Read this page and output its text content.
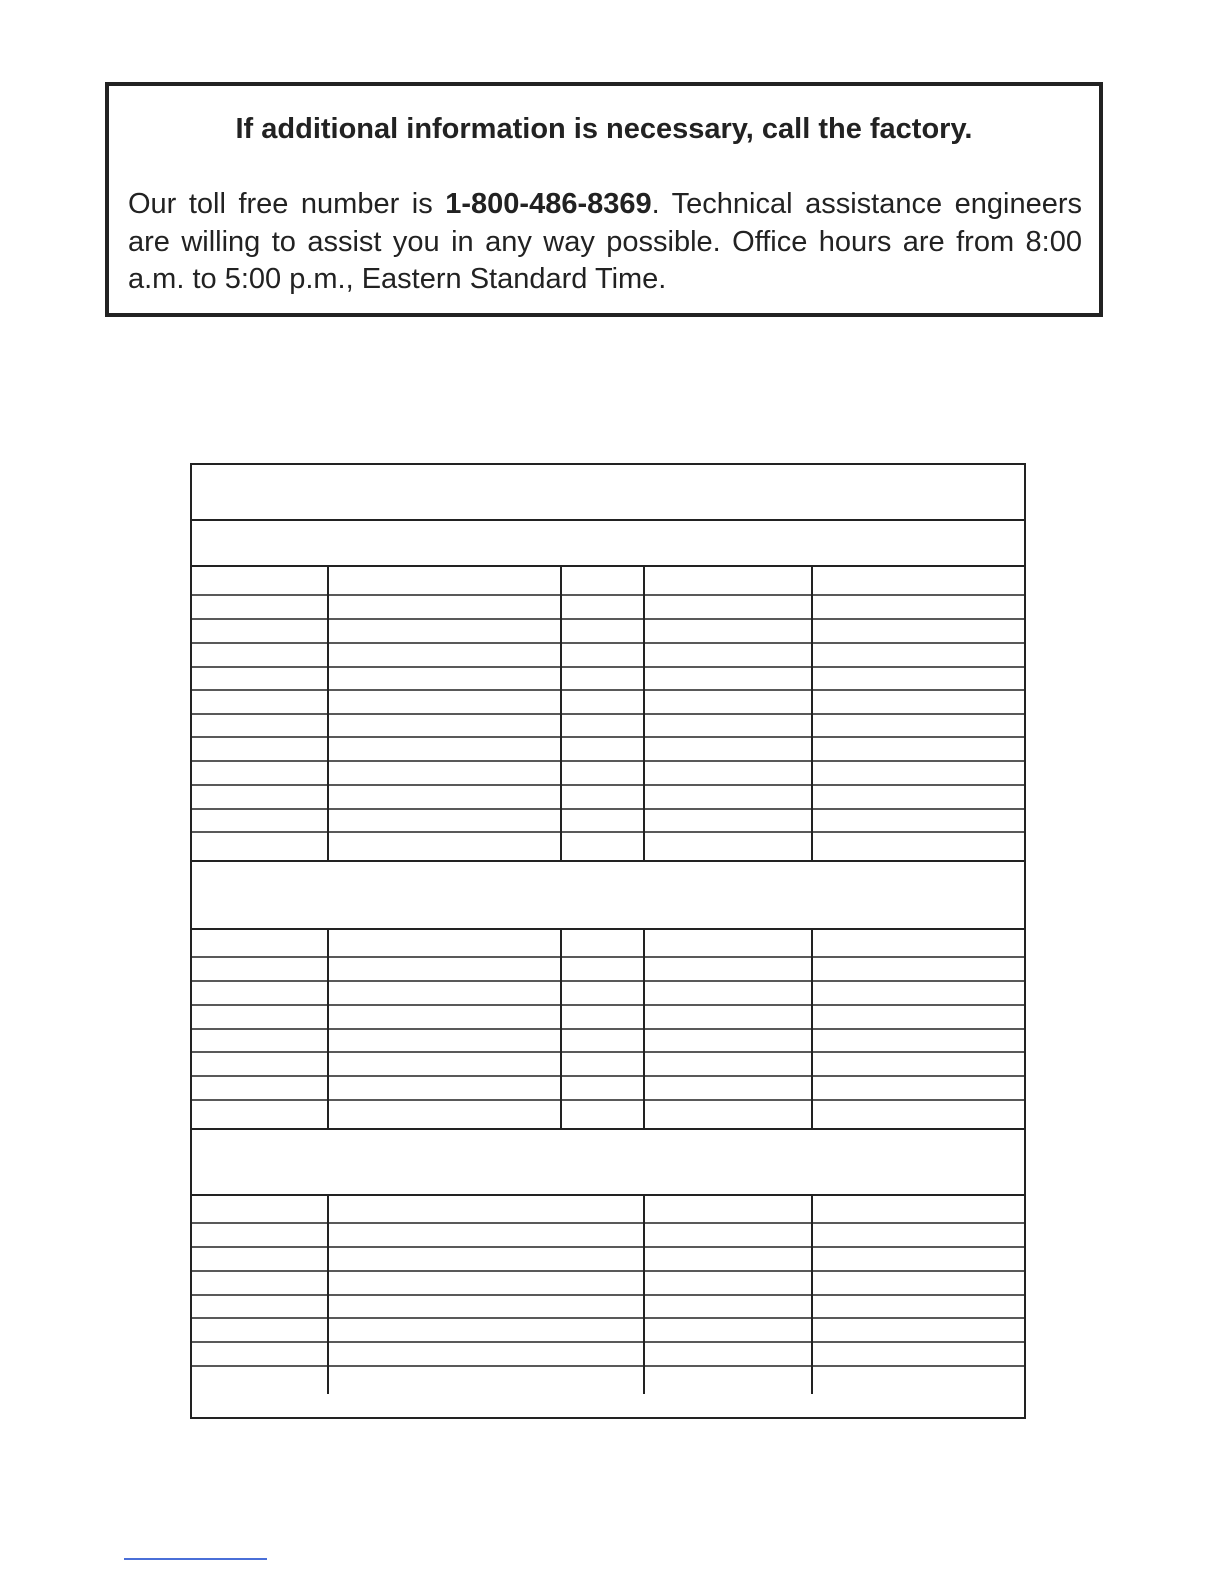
If additional information is necessary, call the factory.

Our toll free number is 1-800-486-8369. Technical assistance engineers are willing to assist you in any way possible. Office hours are from 8:00 a.m. to 5:00 p.m., Eastern Standard Time.
